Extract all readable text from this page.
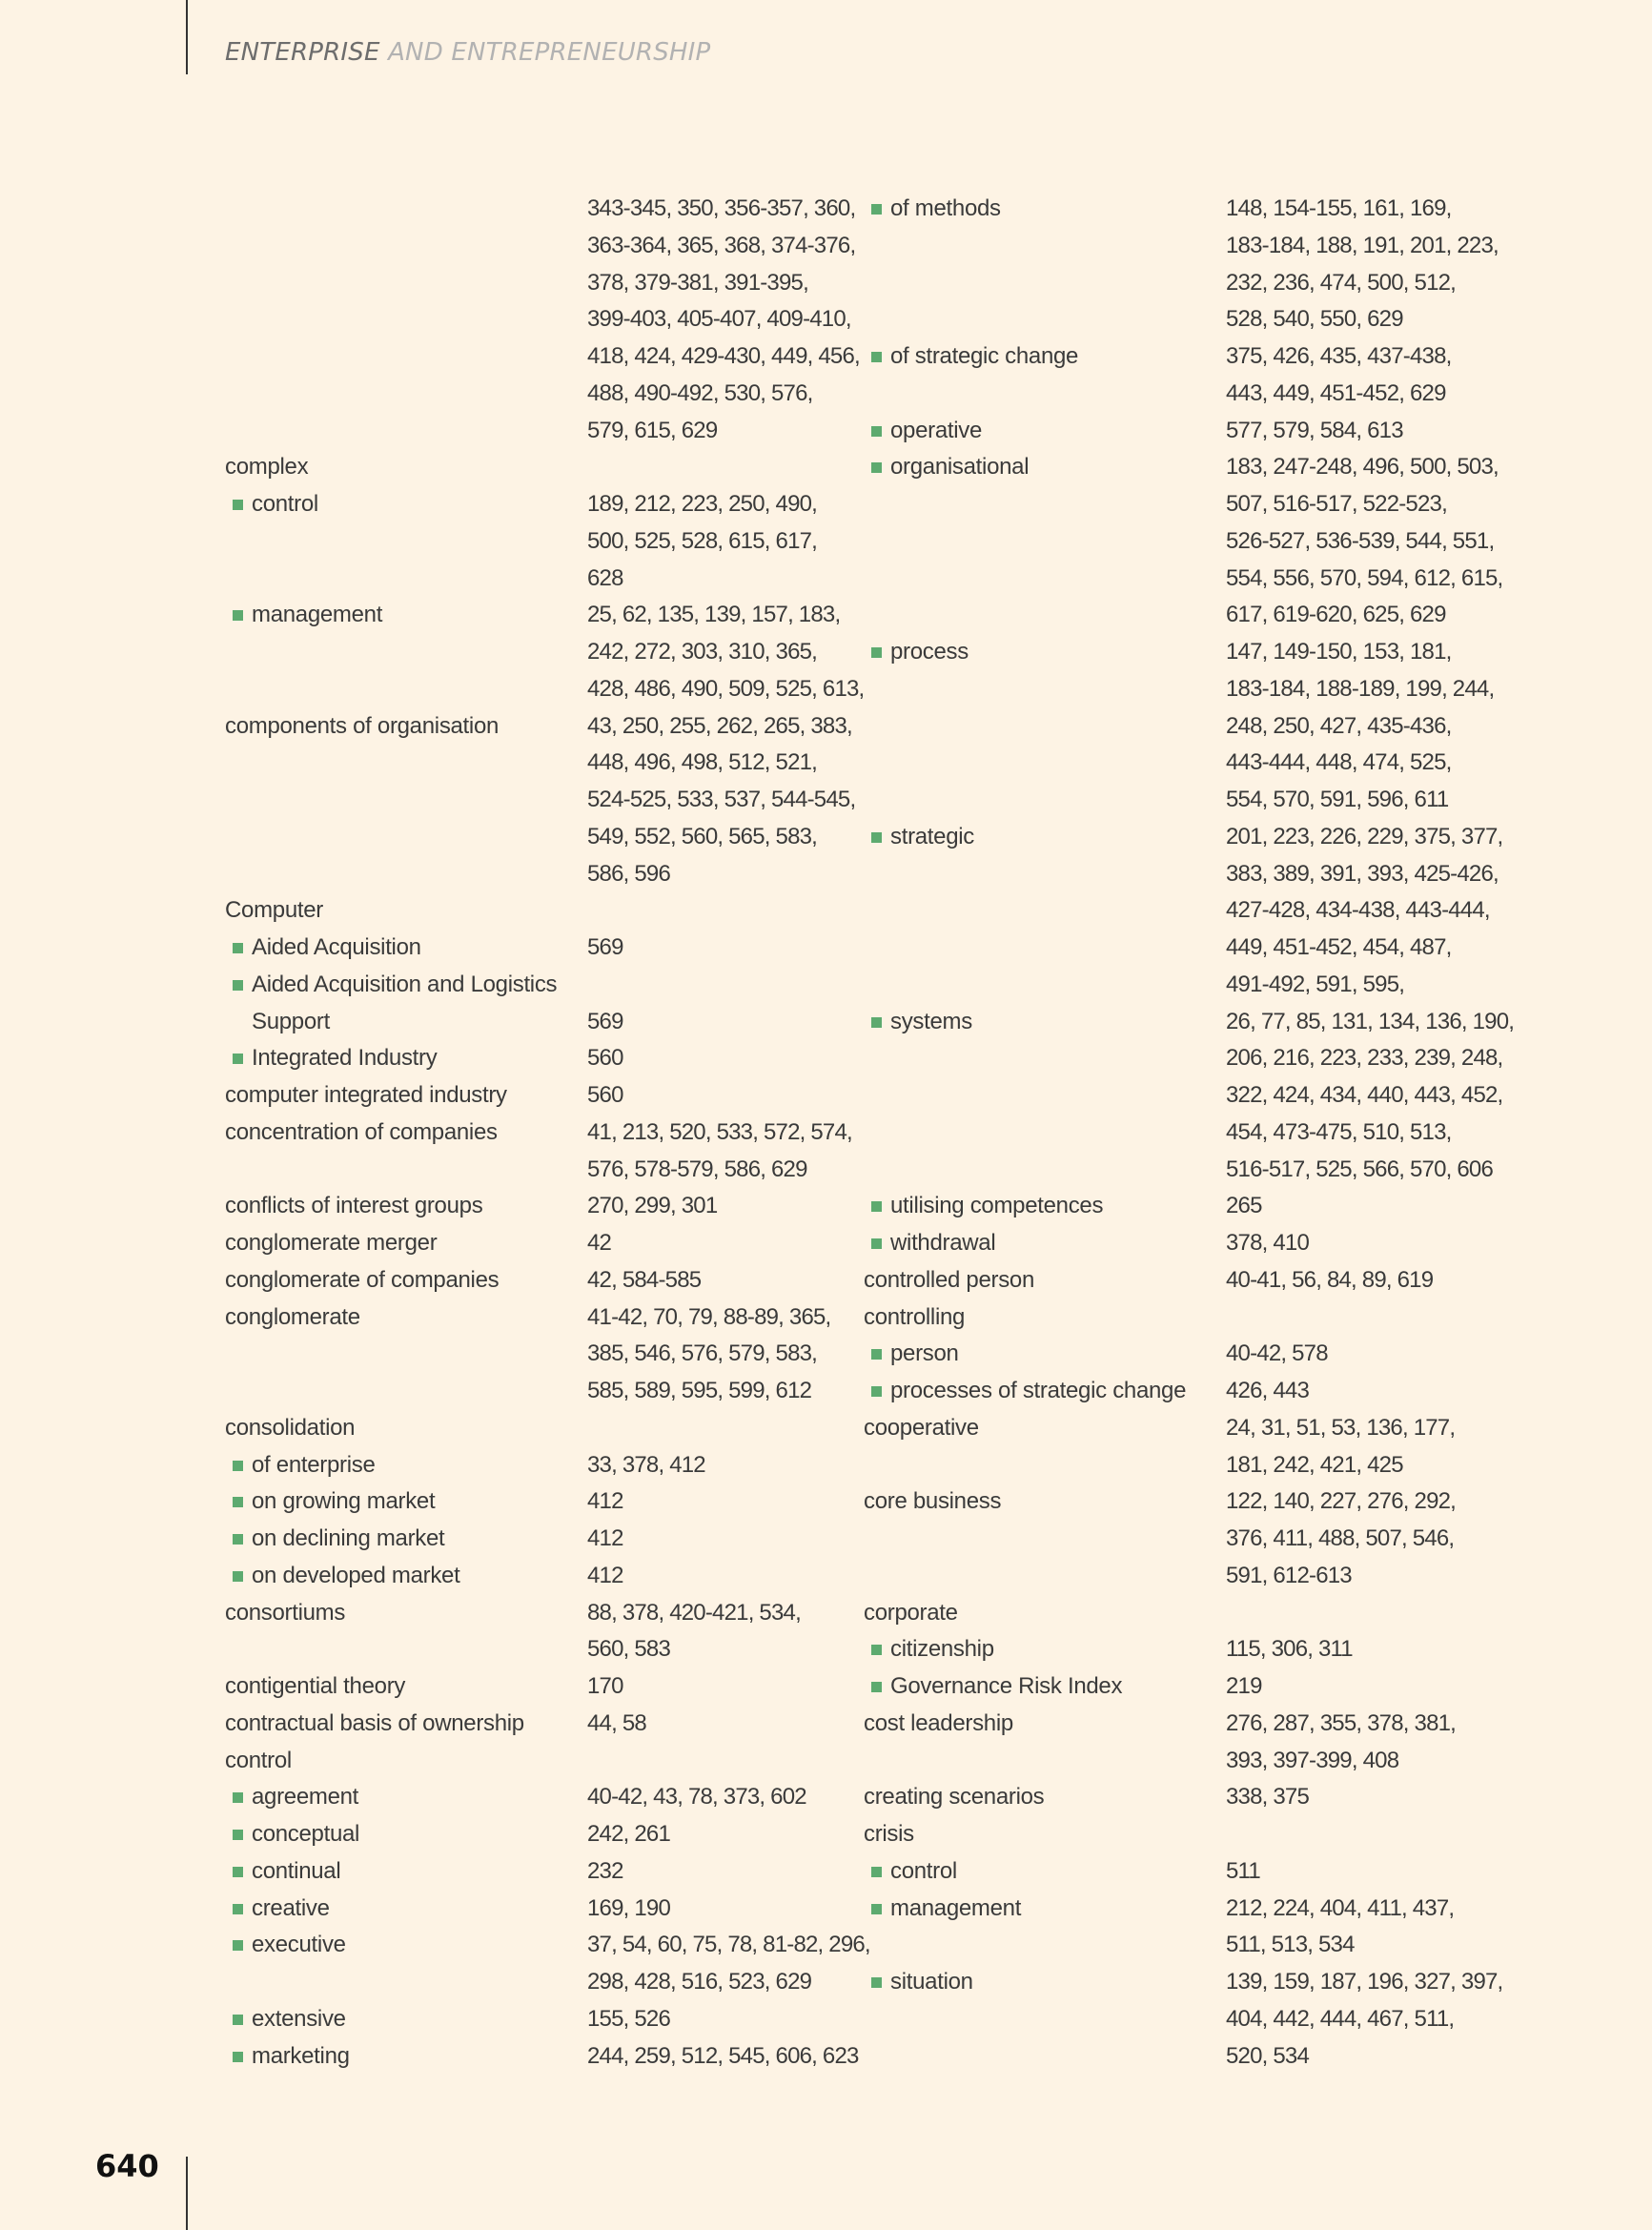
ENTERPRISE AND ENTREPRENEURSHIP
343-345, 350, 356-357, 360,
363-364, 365, 368, 374-376,
378, 379-381, 391-395,
399-403, 405-407, 409-410,
418, 424, 429-430, 449, 456,
488, 490-492, 530, 576,
579, 615, 629
complex
control	189, 212, 223, 250, 490,
500, 525, 528, 615, 617,
628
management	25, 62, 135, 139, 157, 183,
242, 272, 303, 310, 365,
428, 486, 490, 509, 525, 613,
components of organisation	43, 250, 255, 262, 265, 383,
448, 496, 498, 512, 521,
524-525, 533, 537, 544-545,
549, 552, 560, 565, 583,
586, 596
Computer
Aided Acquisition	569
Aided Acquisition and Logistics
Support	569
Integrated Industry	560
computer integrated industry	560
concentration of companies	41, 213, 520, 533, 572, 574,
576, 578-579, 586, 629
conflicts of interest groups	270, 299, 301
conglomerate merger	42
conglomerate of companies	42, 584-585
conglomerate	41-42, 70, 79, 88-89, 365,
385, 546, 576, 579, 583,
585, 589, 595, 599, 612
consolidation
of enterprise	33, 378, 412
on growing market	412
on declining market	412
on developed market	412
consortiums	88, 378, 420-421, 534,
560, 583
contigential theory	170
contractual basis of ownership	44, 58
control
agreement	40-42, 43, 78, 373, 602
conceptual	242, 261
continual	232
creative	169, 190
executive	37, 54, 60, 75, 78, 81-82, 296,
298, 428, 516, 523, 629
extensive	155, 526
marketing	244, 259, 512, 545, 606, 623
of methods	148, 154-155, 161, 169,
183-184, 188, 191, 201, 223,
232, 236, 474, 500, 512,
528, 540, 550, 629
of strategic change	375, 426, 435, 437-438,
443, 449, 451-452, 629
operative	577, 579, 584, 613
organisational	183, 247-248, 496, 500, 503,
507, 516-517, 522-523,
526-527, 536-539, 544, 551,
554, 556, 570, 594, 612, 615,
617, 619-620, 625, 629
process	147, 149-150, 153, 181,
183-184, 188-189, 199, 244,
248, 250, 427, 435-436,
443-444, 448, 474, 525,
554, 570, 591, 596, 611
strategic	201, 223, 226, 229, 375, 377,
383, 389, 391, 393, 425-426,
427-428, 434-438, 443-444,
449, 451-452, 454, 487,
491-492, 591, 595,
systems	26, 77, 85, 131, 134, 136, 190,
206, 216, 223, 233, 239, 248,
322, 424, 434, 440, 443, 452,
454, 473-475, 510, 513,
516-517, 525, 566, 570, 606
utilising competences	265
withdrawal	378, 410
controlled person	40-41, 56, 84, 89, 619
controlling
person	40-42, 578
processes of strategic change 426, 443
cooperative	24, 31, 51, 53, 136, 177,
181, 242, 421, 425
core business	122, 140, 227, 276, 292,
376, 411, 488, 507, 546,
591, 612-613
corporate
citizenship	115, 306, 311
Governance Risk Index	219
cost leadership	276, 287, 355, 378, 381,
393, 397-399, 408
creating scenarios	338, 375
crisis
control	511
management	212, 224, 404, 411, 437,
511, 513, 534
situation	139, 159, 187, 196, 327, 397,
404, 442, 444, 467, 511,
520, 534
640
